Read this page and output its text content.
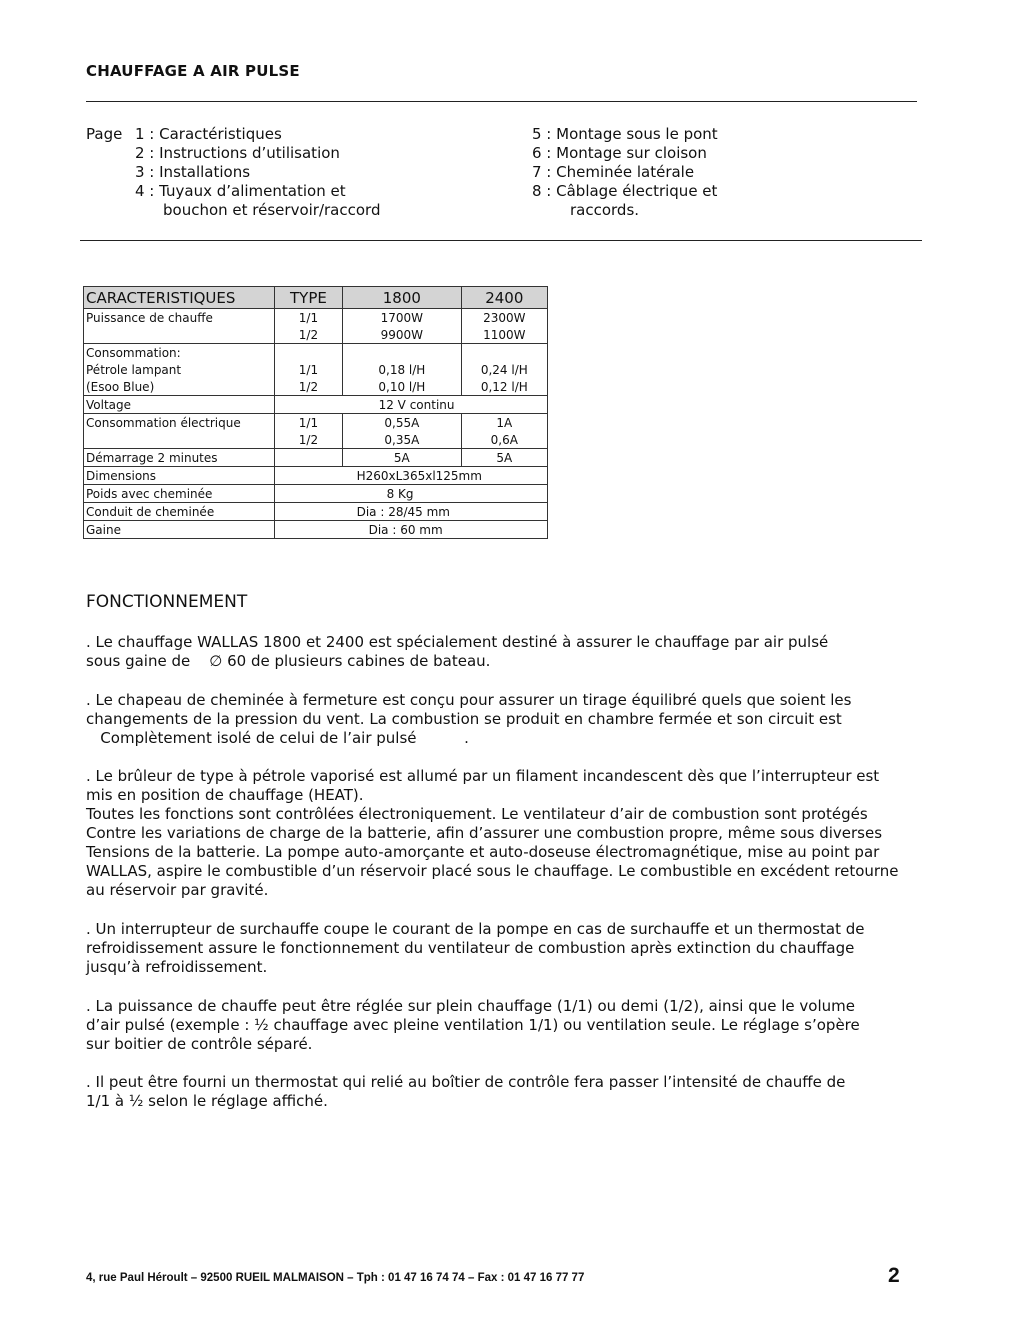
CHAUFFAGE A AIR PULSE
Page 1 : Caractéristiques
2 : Instructions d’utilisation
3 : Installations
4 : Tuyaux d’alimentation et
bouchon et réservoir/raccord
5 : Montage sous le pont
6 : Montage sur cloison
7 : Cheminée latérale
8 : Câblage électrique et
raccords.
CARACTERISTIQUES	TYPE	1800	2400
Puissance de chauffe	1/1	1700W	2300W
	1/2	9900W	1100W
Consommation:			
Pétrole lampant	1/1	0,18 l/H	0,24 l/H
(Esoo Blue)	1/2	0,10 l/H	0,12 l/H
Voltage		12 V continu	
Consommation électrique	1/1	0,55A	1A
	1/2	0,35A	0,6A
Démarrage 2 minutes		5A	5A
Dimensions		H260xL365xl125mm	
Poids avec cheminée		8 Kg	
Conduit de cheminée		Dia : 28/45 mm	
Gaine		Dia : 60 mm	
FONCTIONNEMENT
. Le chauffage WALLAS 1800 et 2400 est spécialement destiné à assurer le chauffage par air pulsé
sous gaine de    ∅ 60 de plusieurs cabines de bateau.
. Le chapeau de cheminée à fermeture est conçu pour assurer un tirage équilibré quels que soient les
changements de la pression du vent. La combustion se produit en chambre fermée et son circuit est
Complètement isolé de celui de l’air pulsé          .
. Le brûleur de type à pétrole vaporisé est allumé par un filament incandescent dès que l’interrupteur est
mis en position de chauffage (HEAT).
Toutes les fonctions sont contrôlées électroniquement. Le ventilateur d’air de combustion sont protégés
Contre les variations de charge de la batterie, afin d’assurer une combustion propre, même sous diverses
Tensions de la batterie. La pompe auto-amorçante et auto-doseuse électromagnétique, mise au point par
WALLAS, aspire le combustible d’un réservoir placé sous le chauffage. Le combustible en excédent retourne
au réservoir par gravité.
. Un interrupteur de surchauffe coupe le courant de la pompe en cas de surchauffe et un thermostat de
refroidissement assure le fonctionnement du ventilateur de combustion après extinction du chauffage
jusqu’à refroidissement.
. La puissance de chauffe peut être réglée sur plein chauffage (1/1) ou demi (1/2), ainsi que le volume
d’air pulsé (exemple : ½ chauffage avec pleine ventilation 1/1) ou ventilation seule. Le réglage s’opère
sur boitier de contrôle séparé.
. Il peut être fourni un thermostat qui relié au boîtier de contrôle fera passer l’intensité de chauffe de
1/1 à ½ selon le réglage affiché.
4, rue Paul Héroult – 92500 RUEIL MALMAISON – Tph : 01 47 16 74 74 – Fax : 01 47 16 77 77	2
